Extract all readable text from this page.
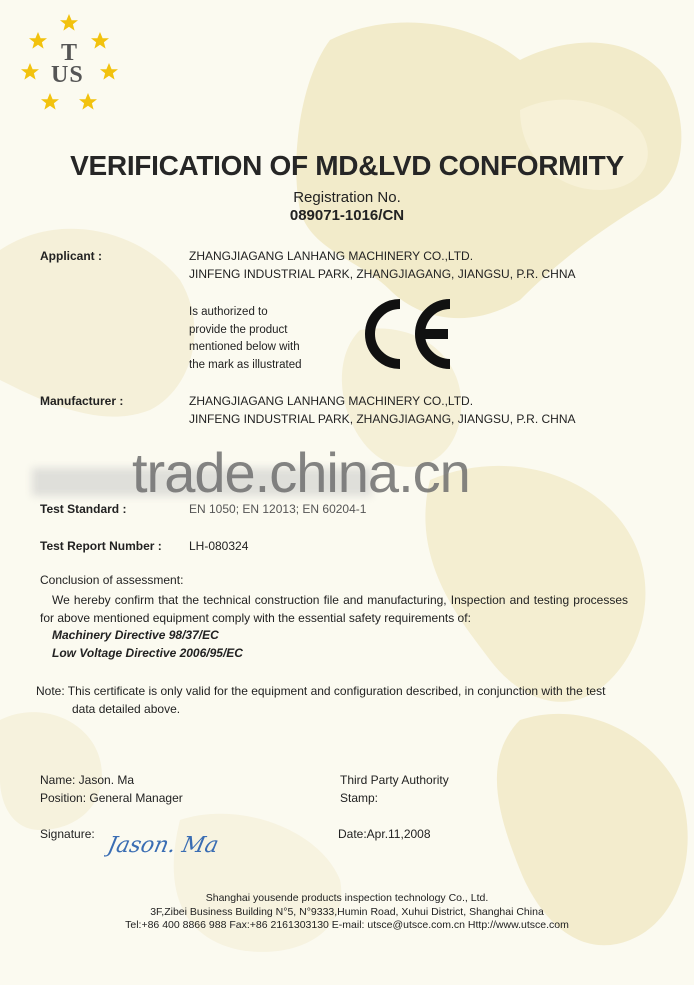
T
US
VERIFICATION OF MD&LVD CONFORMITY
Registration No.
089071-1016/CN
Applicant :	ZHANGJIAGANG LANHANG MACHINERY CO.,LTD.
JINFENG INDUSTRIAL PARK, ZHANGJIAGANG, JIANGSU, P.R. CHNA
Is authorized to
provide the product
mentioned below with
the mark as illustrated
Manufacturer :	ZHANGJIAGANG LANHANG MACHINERY CO.,LTD.
JINFENG INDUSTRIAL PARK, ZHANGJIAGANG, JIANGSU, P.R. CHNA
Test Standard :	EN 1050; EN 12013; EN 60204-1
trade.china.cn
Test Report Number : LH-080324
Conclusion of assessment:
We hereby confirm that the technical construction file and manufacturing, Inspection and testing processes for above mentioned equipment comply with the essential safety requirements of:
Machinery Directive 98/37/EC
Low Voltage Directive 2006/95/EC
Note: This certificate is only valid for the equipment and configuration described, in conjunction with the test
data detailed above.
Name: Jason. Ma
Position: General Manager
Signature: Jason. Ma
Third Party Authority
Stamp:
Date:Apr.11,2008
Shanghai yousende products inspection technology Co., Ltd.
3F,Zibei Business Building N°5, N°9333,Humin Road, Xuhui District, Shanghai China
Tel:+86 400 8866 988 Fax:+86 2161303130 E-mail: utsce@utsce.com.cn Http://www.utsce.com
